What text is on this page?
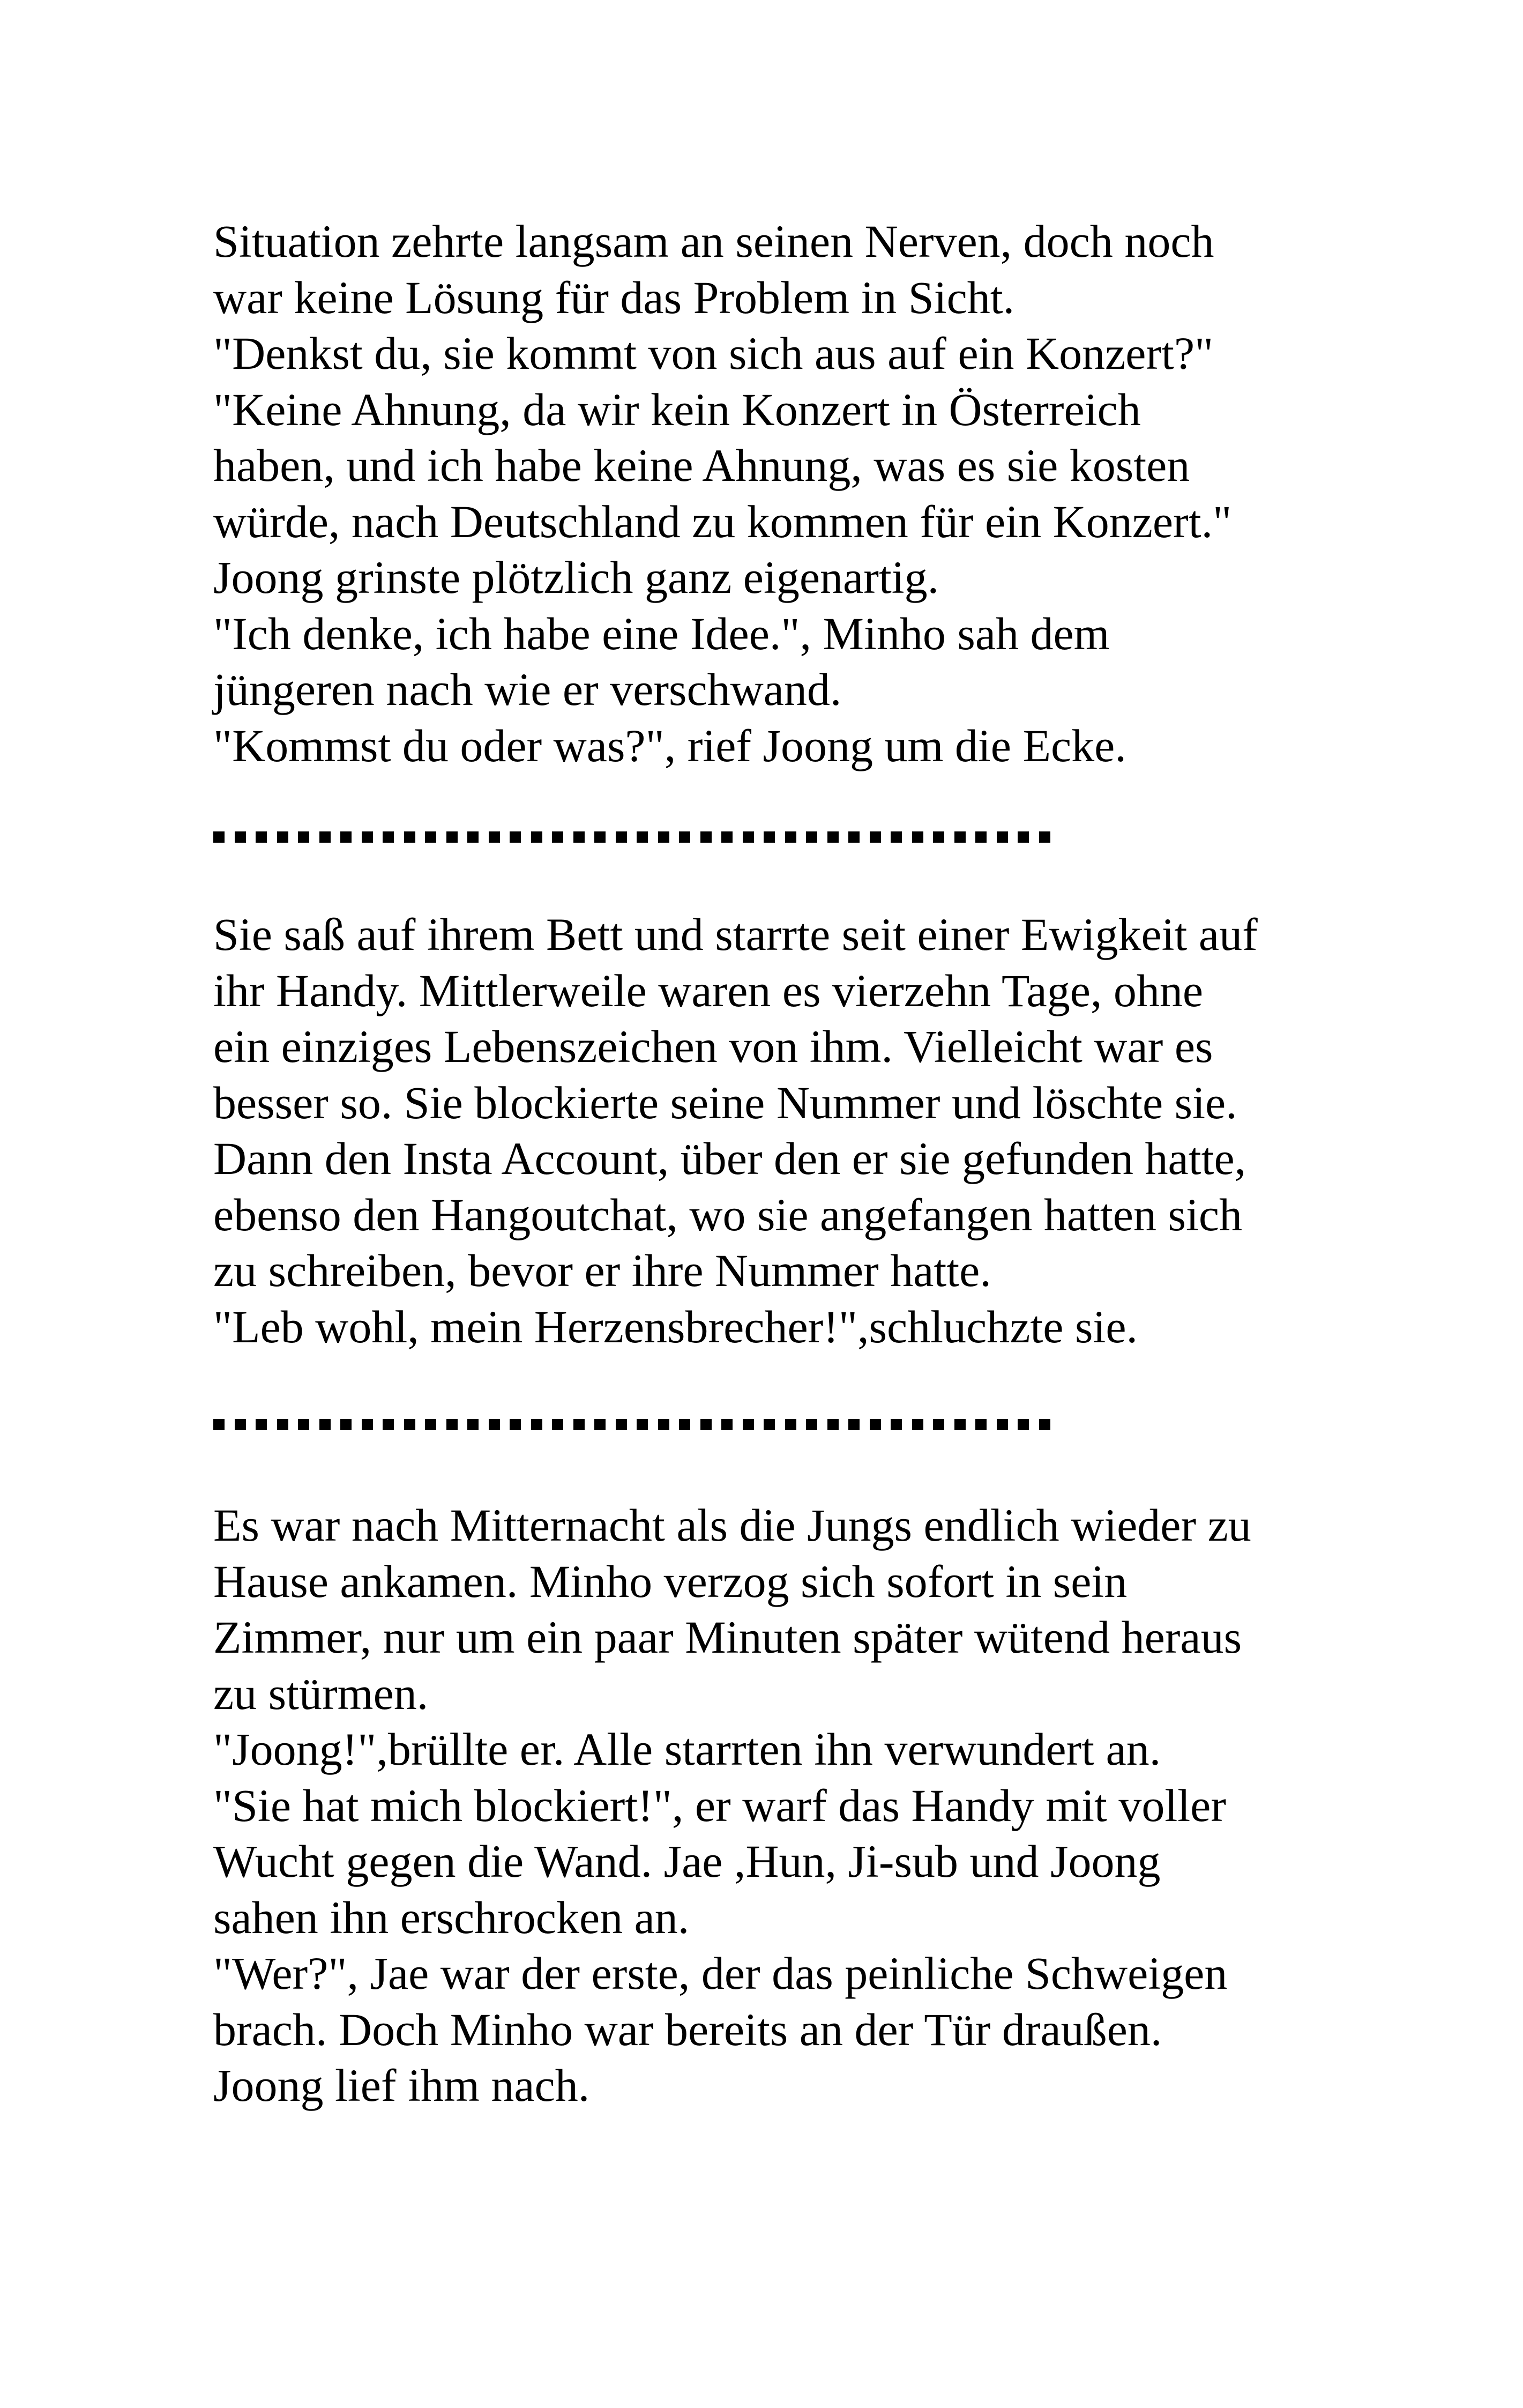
Situation zehrte langsam an seinen Nerven, doch noch
war keine Lösung für das Problem in Sicht.
"Denkst du, sie kommt von sich aus auf ein Konzert?"
"Keine Ahnung, da wir kein Konzert in Österreich
haben, und ich habe keine Ahnung, was es sie kosten
würde, nach Deutschland zu kommen für ein Konzert."
Joong grinste plötzlich ganz eigenartig.
"Ich denke, ich habe eine Idee.", Minho sah dem
jüngeren nach wie er verschwand.
"Kommst du oder was?", rief Joong um die Ecke.
Sie saß auf ihrem Bett und starrte seit einer Ewigkeit auf
ihr Handy. Mittlerweile waren es vierzehn Tage, ohne
ein einziges Lebenszeichen von ihm. Vielleicht war es
besser so. Sie blockierte seine Nummer und löschte sie.
Dann den Insta Account, über den er sie gefunden hatte,
ebenso den Hangoutchat, wo sie angefangen hatten sich
zu schreiben, bevor er ihre Nummer hatte.
"Leb wohl, mein Herzensbrecher!",schluchzte sie.
Es war nach Mitternacht als die Jungs endlich wieder zu
Hause ankamen. Minho verzog sich sofort in sein
Zimmer, nur um ein paar Minuten später wütend heraus
zu stürmen.
"Joong!",brüllte er. Alle starrten ihn verwundert an.
"Sie hat mich blockiert!", er warf das Handy mit voller
Wucht gegen die Wand. Jae ,Hun, Ji-sub und Joong
sahen ihn erschrocken an.
"Wer?", Jae war der erste, der das peinliche Schweigen
brach. Doch Minho war bereits an der Tür draußen.
Joong lief ihm nach.
